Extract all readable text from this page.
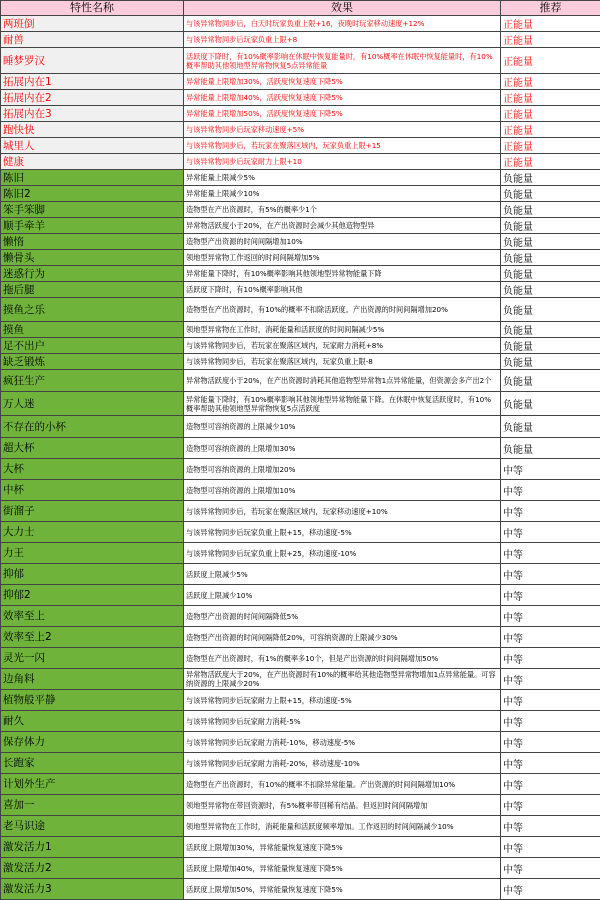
特性名称	效果	推荐
两班倒	与该异常物同步后，白天时玩家负重上限+16，夜晚时玩家移动速度+12%	正能量
耐兽	与该异常物同步后玩家负重上限+8	正能量
睡梦罗汉	活跃度下降时，有10%概率影响在休眠中恢复能量时，有10%概率在休眠中恢复能量时，有10%概率帮助其他领地型异常物恢复5点异常能量	正能量
拓展内在1	异常能量上限增加30%，活跃度恢复速度下降5%	正能量
拓展内在2	异常能量上限增加40%，活跃度恢复速度下降5%	正能量
拓展内在3	异常能量上限增加50%，活跃度恢复速度下降5%	正能量
跑快快	与该异常物同步后玩家移动速度+5%	正能量
城里人	与该异常物同步后，若玩家在聚落区域内，玩家负重上限+15	正能量
健康	与该异常物同步后玩家耐力上限+10	正能量
陈旧	异常能量上限减少5%	负能量
陈旧2	异常能量上限减少10%	负能量
笨手笨脚	造物型在产出资源时，有5%的概率少1个	负能量
顺手牵羊	异常物活跃度小于20%，在产出资源时会减少其他造物型异	负能量
懒惰	造物型产出资源的时间间隔增加10%	负能量
懒骨头	领地型异常物工作返回的时间间隔增加5%	负能量
迷惑行为	异常能量下降时，有10%概率影响其他领地型异常物能量下降	负能量
拖后腿	活跃度下降时，有10%概率影响其他	负能量
摸鱼之乐	造物型在产出资源时，有10%的概率不扣除活跃度。产出资源的时间间隔增加20%	负能量
摸鱼	领地型异常物在工作时，消耗能量和活跃度的时间间隔减少5%	负能量
足不出户	与该异常物同步后，若玩家在聚落区域内，玩家耐力消耗+8%	负能量
缺乏锻炼	与该异常物同步后，若玩家在聚落区域内，玩家负重上限-8	负能量
疯狂生产	异常物活跃度小于20%，在产出资源时消耗其他造物型异常物1点异常能量，但资源会多产出2个	负能量
万人迷	异常能量下降时，有10%概率影响其他领地型异常物能量下降。在休眠中恢复活跃度时，有10%概率帮助其他领地型异常物恢复5点活跃度	负能量
不存在的小杯	造物型可容纳资源的上限减少10%	负能量
超大杯	造物型可容纳资源的上限增加30%	负能量
大杯	造物型可容纳资源的上限增加20%	中等
中杯	造物型可容纳资源的上限增加10%	中等
街溜子	与该异常物同步后，若玩家在聚落区域内，玩家移动速度+10%	中等
大力士	与该异常物同步后玩家负重上限+15，移动速度-5%	中等
力王	与该异常物同步后玩家负重上限+25，移动速度-10%	中等
抑郁	活跃度上限减少5%	中等
抑郁2	活跃度上限减少10%	中等
效率至上	造物型产出资源的时间间隔降低5%	中等
效率至上2	造物型产出资源的时间间隔降低20%，可容纳资源的上限减少30%	中等
灵光一闪	造物型在产出资源时，有1%的概率多10个，但是产出资源的时间间隔增加50%	中等
边角料	异常物活跃度大于20%，在产出资源时有10%的概率给其他造物型异常物增加1点异常能量。可容纳资源的上限减少20%	中等
植物般平静	与该异常物同步后玩家耐力上限+15，移动速度-5%	中等
耐久	与该异常物同步后玩家耐力消耗-5%	中等
保存体力	与该异常物同步后玩家耐力消耗-10%，移动速度-5%	中等
长跑家	与该异常物同步后玩家耐力消耗-20%，移动速度-10%	中等
计划外生产	造物型在产出资源时，有10%的概率不扣除异常能量。产出资源的时间间隔增加10%	中等
喜加一	领地型异常物在带回资源时，有5%概率带回稀有结晶。但返回时间间隔增加	中等
老马识途	领地型异常物在工作时，消耗能量和活跃度频率增加。工作返回的时间间隔减少10%	中等
激发活力1	活跃度上限增加30%，异常能量恢复速度下降5%	中等
激发活力2	活跃度上限增加40%，异常能量恢复速度下降5%	中等
激发活力3	活跃度上限增加50%，异常能量恢复速度下降5%	中等
